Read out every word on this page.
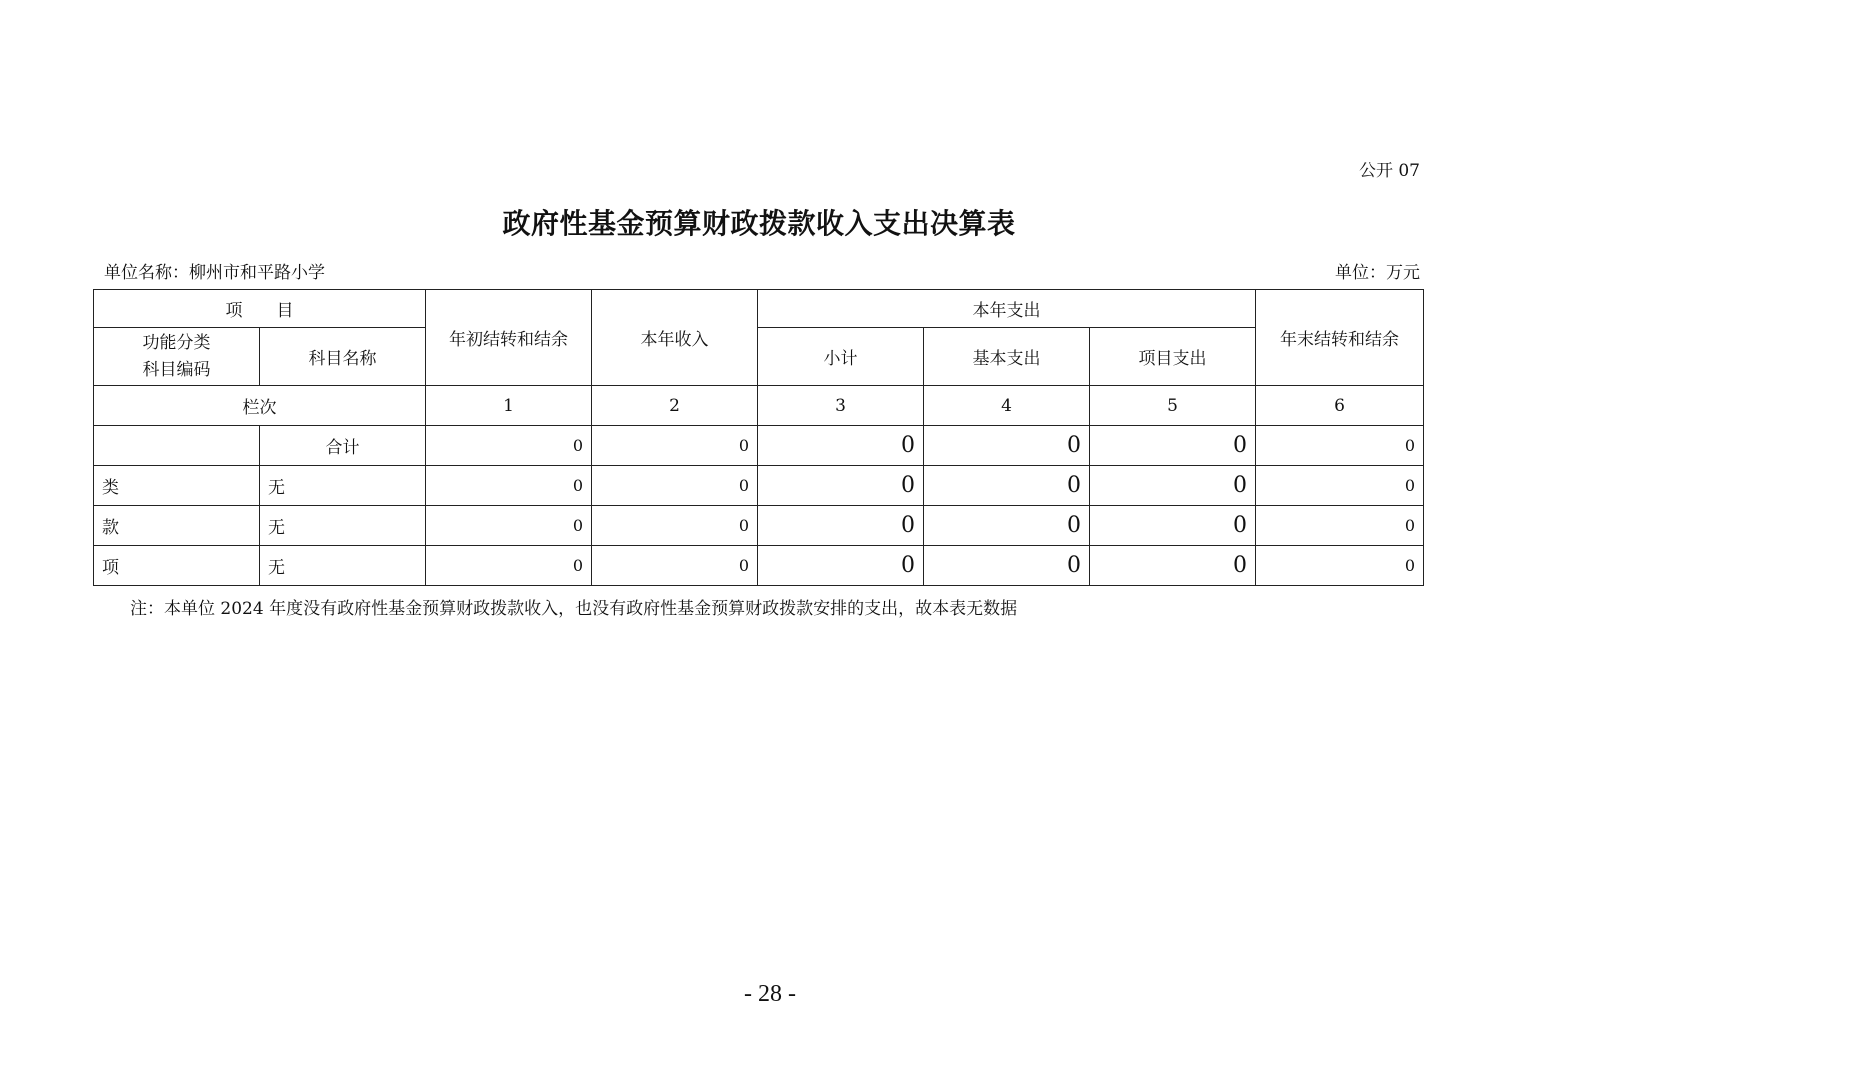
公开 07
政府性基金预算财政拨款收入支出决算表
单位名称：柳州市和平路小学	单位：万元
项　　目		年初结转和结余	本年收入	本年支出			年末结转和结余

功能分类
科目编码	科目名称			小计	基本支出	项目支出	
栏次		1	2	3	4	5	6
	合计	0	0	0	0	0	0
类	无	0	0	0	0	0	0
款	无	0	0	0	0	0	0
项	无	0	0	0	0	0	0
注：本单位 2024 年度没有政府性基金预算财政拨款收入，也没有政府性基金预算财政拨款安排的支出，故本表无数据
- 28 -
